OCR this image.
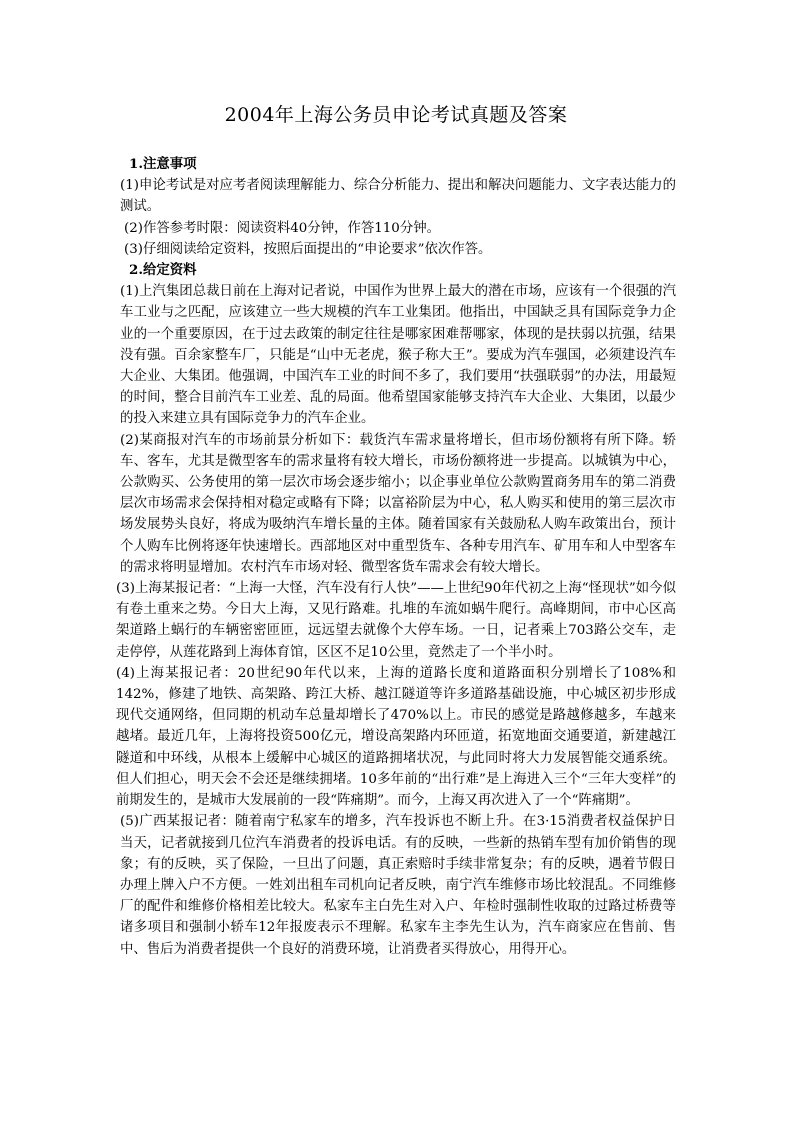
2004年上海公务员申论考试真题及答案
1.注意事项

(1)申论考试是对应考者阅读理解能力、综合分析能力、提出和解决问题能力、文字表达能力的测试。

(2)作答参考时限：阅读资料40分钟，作答110分钟。

(3)仔细阅读给定资料，按照后面提出的“申论要求”依次作答。

2.给定资料

(1)上汽集团总裁日前在上海对记者说，中国作为世界上最大的潜在市场，应该有一个很强的汽车工业与之匹配，应该建立一些大规模的汽车工业集团。他指出，中国缺乏具有国际竞争力企业的一个重要原因，在于过去政策的制定往往是哪家困难帮哪家，体现的是扶弱以抗强，结果没有强。百余家整车厂，只能是“山中无老虎，猴子称大王”。要成为汽车强国，必须建设汽车大企业、大集团。他强调，中国汽车工业的时间不多了，我们要用“扶强联弱”的办法，用最短的时间，整合目前汽车工业差、乱的局面。他希望国家能够支持汽车大企业、大集团，以最少的投入来建立具有国际竞争力的汽车企业。

(2)某商报对汽车的市场前景分析如下：载货汽车需求量将增长，但市场份额将有所下降。轿车、客车，尤其是微型客车的需求量将有较大增长，市场份额将进一步提高。以城镇为中心，公款购买、公务使用的第一层次市场会逐步缩小；以企事业单位公款购置商务用车的第二消费层次市场需求会保持相对稳定或略有下降；以富裕阶层为中心，私人购买和使用的第三层次市场发展势头良好，将成为吸纳汽车增长量的主体。随着国家有关鼓励私人购车政策出台，预计个人购车比例将逐年快速增长。西部地区对中重型货车、各种专用汽车、矿用车和人中型客车的需求将明显增加。农村汽车市场对轻、微型客货车需求会有较大增长。

(3)上海某报记者：“上海一大怪，汽车没有行人快”——上世纪90年代初之上海“怪现状”如今似有卷土重来之势。今日大上海，又见行路难。扎堆的车流如蜗牛爬行。高峰期间，市中心区高架道路上蜗行的车辆密密匝匝，远远望去就像个大停车场。一日，记者乘上703路公交车，走走停停，从莲花路到上海体育馆，区区不足10公里，竟然走了一个半小时。

(4)上海某报记者：20世纪90年代以来，上海的道路长度和道路面积分别增长了108%和142%，修建了地铁、高架路、跨江大桥、越江隧道等许多道路基础设施，中心城区初步形成现代交通网络，但同期的机动车总量却增长了470%以上。市民的感觉是路越修越多，车越来越堵。最近几年，上海将投资500亿元，增设高架路内环匝道，拓宽地面交通要道，新建越江隧道和中环线，从根本上缓解中心城区的道路拥堵状况，与此同时将大力发展智能交通系统。但人们担心，明天会不会还是继续拥堵。10多年前的“出行难”是上海进入三个“三年大变样”的前期发生的，是城市大发展前的一段“阵痛期”。而今，上海又再次进入了一个“阵痛期”。

(5)广西某报记者：随着南宁私家车的增多，汽车投诉也不断上升。在3·15消费者权益保护日当天，记者就接到几位汽车消费者的投诉电话。有的反映，一些新的热销车型有加价销售的现象；有的反映，买了保险，一旦出了问题，真正索赔时手续非常复杂；有的反映，遇着节假日办理上牌入户不方便。一姓刘出租车司机向记者反映，南宁汽车维修市场比较混乱。不同维修厂的配件和维修价格相差比较大。私家车主白先生对入户、年检时强制性收取的过路过桥费等诸多项目和强制小轿车12年报废表示不理解。私家车主李先生认为，汽车商家应在售前、售中、售后为消费者提供一个良好的消费环境，让消费者买得放心，用得开心。
